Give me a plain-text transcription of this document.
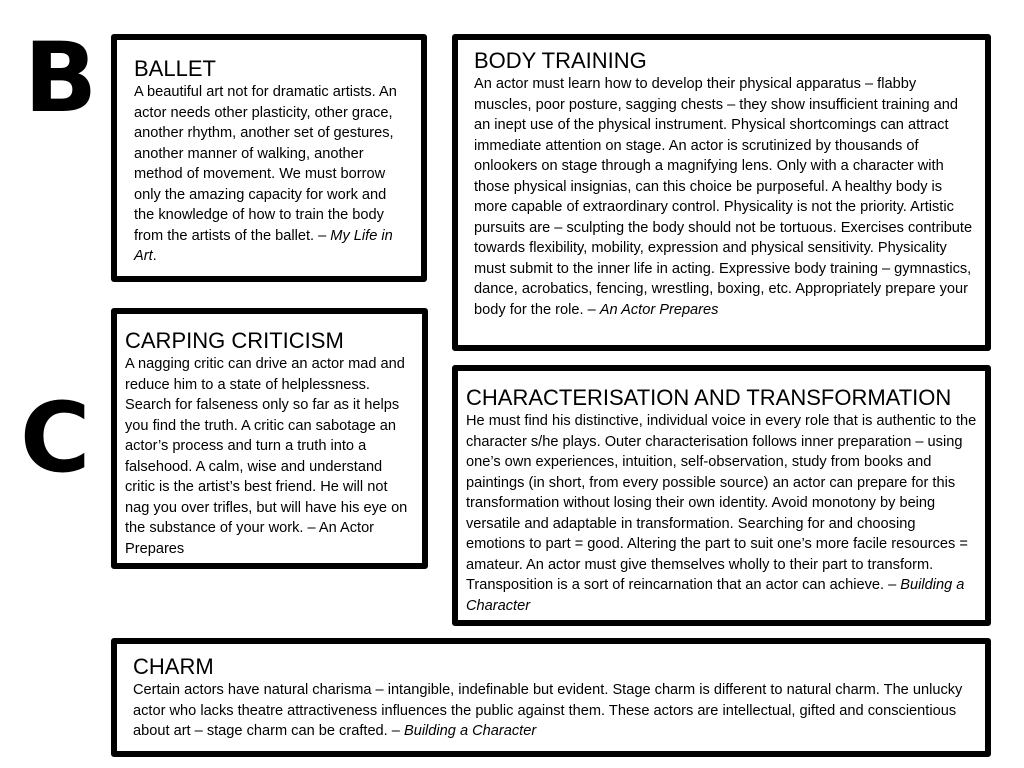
B
C
BALLET

A beautiful art not for dramatic artists. An actor needs other plasticity, other grace, another rhythm, another set of gestures, another manner of walking, another method of movement. We must borrow only the amazing capacity for work and the knowledge of how to train the body from the artists of the ballet. – My Life in Art.

BODY TRAINING

An actor must learn how to develop their physical apparatus – flabby muscles, poor posture, sagging chests – they show insufficient training and an inept use of the physical instrument. Physical shortcomings can attract immediate attention on stage. An actor is scrutinized by thousands of onlookers on stage through a magnifying lens. Only with a character with those physical insignias, can this choice be purposeful. A healthy body is more capable of extraordinary control. Physicality is not the priority. Artistic pursuits are – sculpting the body should not be tortuous. Exercises contribute towards flexibility, mobility, expression and physical sensitivity. Physicality must submit to the inner life in acting. Expressive body training – gymnastics, dance, acrobatics, fencing, wrestling, boxing, etc. Appropriately prepare your body for the role. – An Actor Prepares

CARPING CRITICISM

A nagging critic can drive an actor mad and reduce him to a state of helplessness. Search for falseness only so far as it helps you find the truth. A critic can sabotage an actor’s process and turn a truth into a falsehood. A calm, wise and understand critic is the artist’s best friend. He will not nag you over trifles, but will have his eye on the substance of your work. – An Actor Prepares

CHARACTERISATION AND TRANSFORMATION

He must find his distinctive, individual voice in every role that is authentic to the character s/he plays. Outer characterisation follows inner preparation – using one’s own experiences, intuition, self-observation, study from books and paintings (in short, from every possible source) an actor can prepare for this transformation without losing their own identity. Avoid monotony by being versatile and adaptable in transformation. Searching for and choosing emotions to part = good. Altering the part to suit one’s more facile resources = amateur. An actor must give themselves wholly to their part to transform. Transposition is a sort of reincarnation that an actor can achieve. – Building a Character

CHARM

Certain actors have natural charisma – intangible, indefinable but evident. Stage charm is different to natural charm. The unlucky actor who lacks theatre attractiveness influences the public against them. These actors are intellectual, gifted and conscientious about art – stage charm can be crafted. – Building a Character
